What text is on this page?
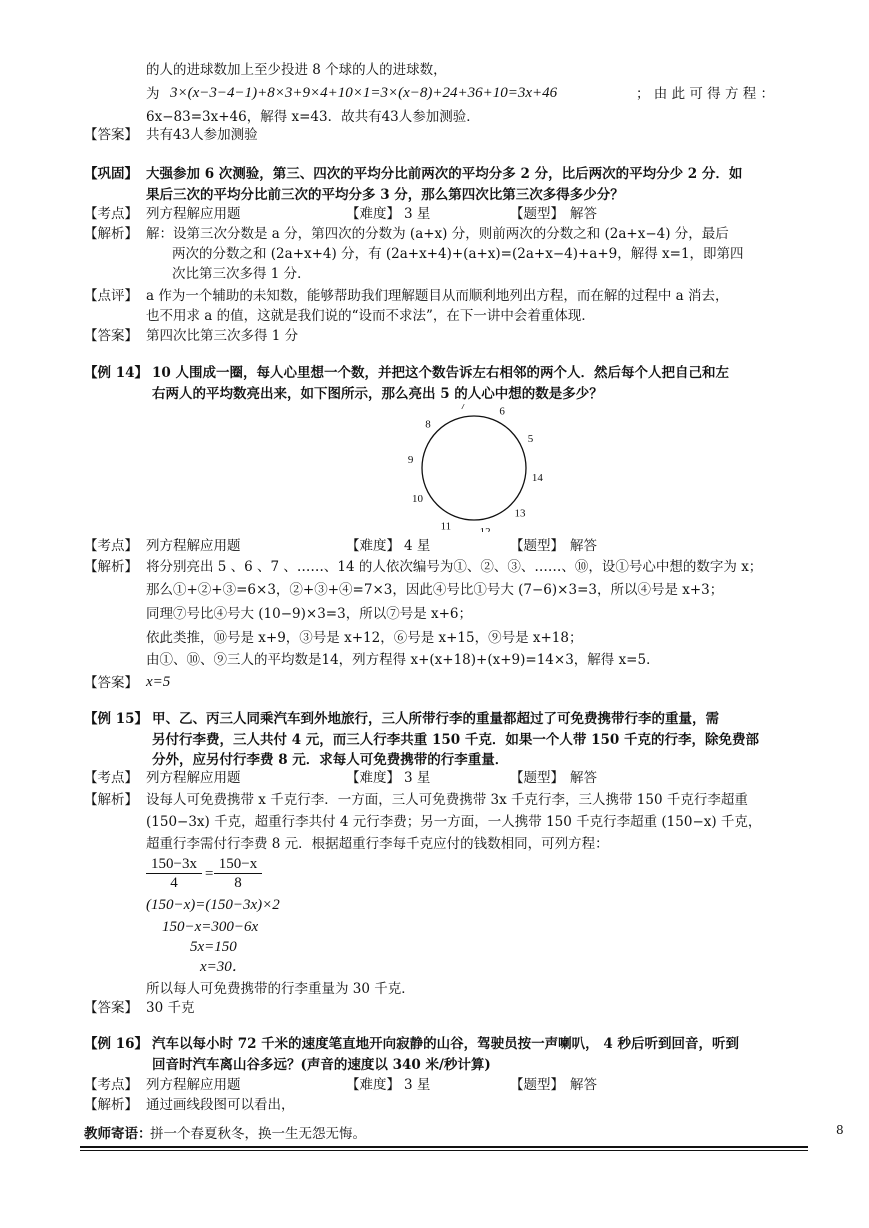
的人的进球数加上至少投进 8 个球的人的进球数，
为 3×(x−3−4−1)+8×3+9×4+10×1=3×(x−8)+24+36+10=3x+46	； 由 此 可 得 方 程 ：
6x−83=3x+46，解得 x=43．故共有43人参加测验．
【答案】 共有43人参加测验
【巩固】 大强参加 6 次测验，第三、四次的平均分比前两次的平均分多 2 分，比后两次的平均分少 2 分．如
果后三次的平均分比前三次的平均分多 3 分，那么第四次比第三次多得多少分？
【考点】 列方程解应用题	【难度】 3 星	【题型】 解答
【解析】 解：设第三次分数是 a 分，第四次的分数为 (a+x) 分，则前两次的分数之和 (2a+x−4) 分，最后
两次的分数之和 (2a+x+4) 分，有 (2a+x+4)+(a+x)=(2a+x−4)+a+9，解得 x=1，即第四
次比第三次多得 1 分．
【点评】 a 作为一个辅助的未知数，能够帮助我们理解题目从而顺利地列出方程，而在解的过程中 a 消去，
也不用求 a 的值，这就是我们说的“设而不求法”，在下一讲中会着重体现．
【答案】 第四次比第三次多得 1 分
【例 14】 10 人围成一圈，每人心里想一个数，并把这个数告诉左右相邻的两个人．然后每个人把自己和左
右两人的平均数亮出来，如下图所示，那么亮出 5 的人心中想的数是多少？
7	6
5
14
13
12
11
10
9
8
【考点】 列方程解应用题	【难度】 4 星	【题型】 解答
【解析】 将分别亮出 5 、6 、7 、……、14 的人依次编号为①、②、③、……、⑩，设①号心中想的数字为 x；
那么①+②+③=6×3，②+③+④=7×3，因此④号比①号大 (7−6)×3=3，所以④号是 x+3；
同理⑦号比④号大 (10−9)×3=3，所以⑦号是 x+6；
依此类推，⑩号是 x+9，③号是 x+12，⑥号是 x+15，⑨号是 x+18；
由①、⑩、⑨三人的平均数是14，列方程得 x+(x+18)+(x+9)=14×3，解得 x=5．
【答案】 x=5
【例 15】 甲、乙、丙三人同乘汽车到外地旅行，三人所带行李的重量都超过了可免费携带行李的重量，需
另付行李费，三人共付 4 元，而三人行李共重 150 千克．如果一个人带 150 千克的行李，除免费部
分外，应另付行李费 8 元．求每人可免费携带的行李重量．
【考点】 列方程解应用题	【难度】 3 星	【题型】 解答
【解析】 设每人可免费携带 x 千克行李．一方面，三人可免费携带 3x 千克行李，三人携带 150 千克行李超重
(150−3x) 千克，超重行李共付 4 元行李费；另一方面，一人携带 150 千克行李超重 (150−x) 千克，
超重行李需付行李费 8 元．根据超重行李每千克应付的钱数相同，可列方程：
150−3x
4
=
150−x
8
(150−x)=(150−3x)×2
150−x=300−6x
5x=150
x=30．
所以每人可免费携带的行李重量为 30 千克．
【答案】 30 千克
【例 16】 汽车以每小时 72 千米的速度笔直地开向寂静的山谷，驾驶员按一声喇叭， 4 秒后听到回音，听到
回音时汽车离山谷多远？(声音的速度以 340 米/秒计算)
【考点】 列方程解应用题	【难度】 3 星	【题型】 解答
【解析】 通过画线段图可以看出，
教师寄语：
拼一个春夏秋冬，换一生无怨无悔。	8
